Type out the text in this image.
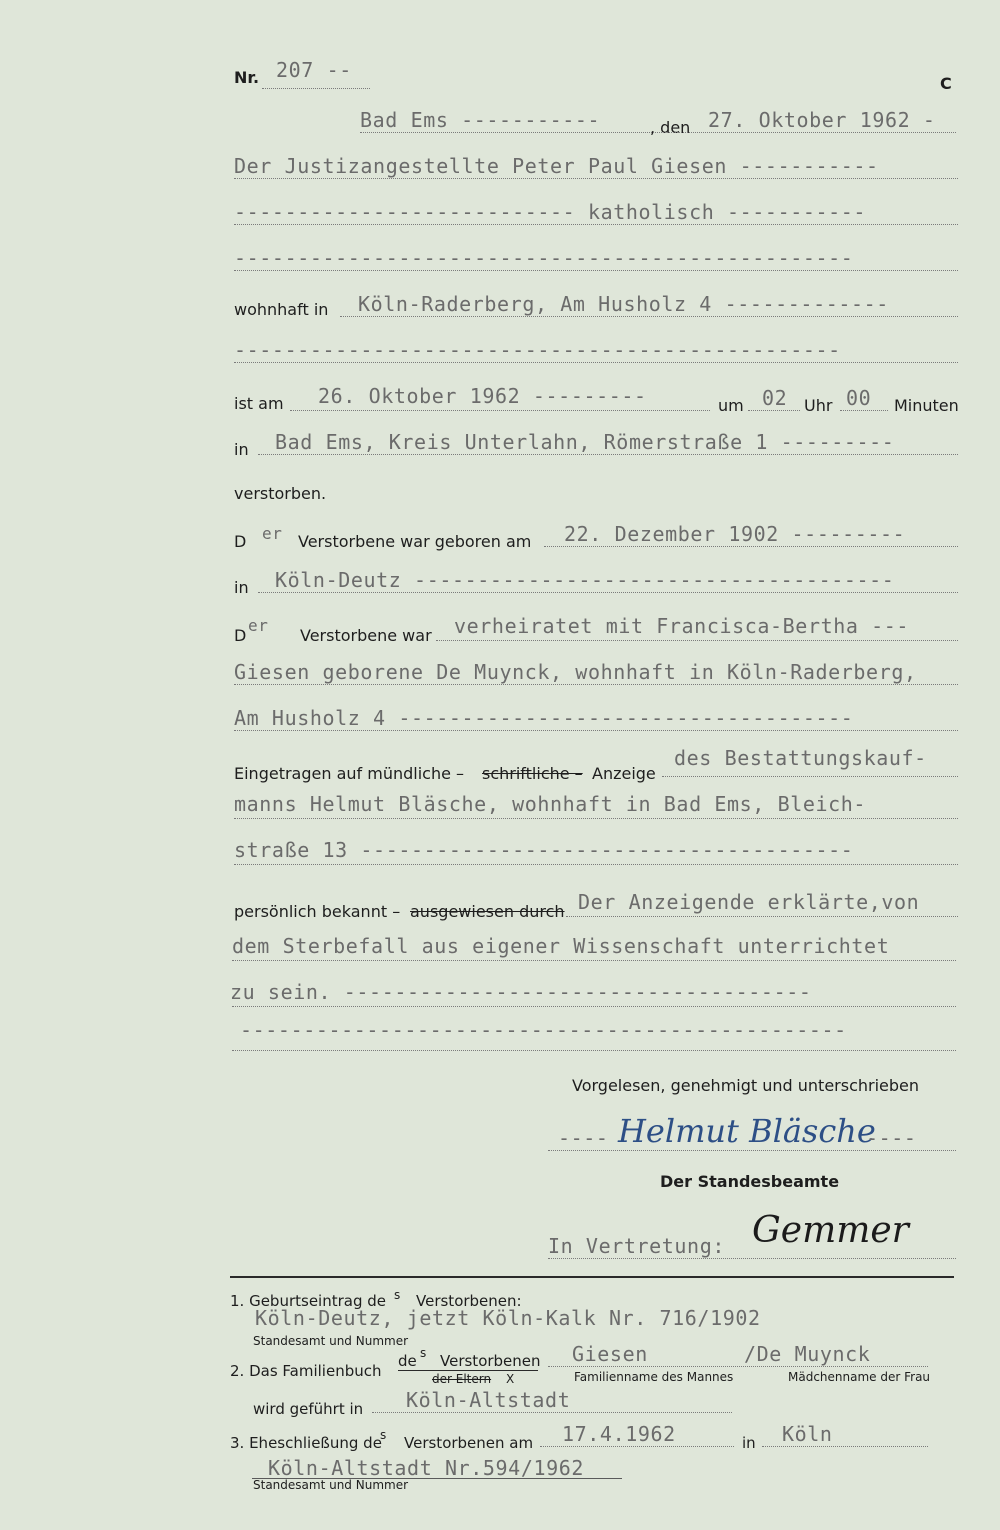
Nr. 207 --
C
Bad Ems -----------	, den 27. Oktober 1962 -
Der Justizangestellte Peter Paul Giesen -----------
--------------------------- katholisch -----------
-------------------------------------------------
wohnhaft in Köln-Raderberg, Am Husholz 4 -------------
------------------------------------------------
ist am 26. Oktober 1962 ---------	um 02 Uhr 00 Minuten
in Bad Ems, Kreis Unterlahn, Römerstraße 1 ---------
verstorben.
D er Verstorbene war geboren am 22. Dezember 1902 ---------
in Köln-Deutz --------------------------------------
D
er
Verstorbene war verheiratet mit Francisca-Bertha ---
Giesen geborene De Muynck, wohnhaft in Köln-Raderberg,
Am Husholz 4 ------------------------------------
Eingetragen auf mündliche – schriftliche – Anzeige
des Bestattungskauf-
manns Helmut Bläsche, wohnhaft in Bad Ems, Bleich-
straße 13 ---------------------------------------
persönlich bekannt – ausgewiesen durch Der Anzeigende erklärte,von
dem Sterbefall aus eigener Wissenschaft unterrichtet
zu sein. -------------------------------------
------------------------------------------------
Vorgelesen, genehmigt und unterschrieben
---- Helmut Bläsche
----
Der Standesbeamte
In Vertretung: Gemmer
1. Geburtseintrag de s Verstorbenen:
Köln-Deutz, jetzt Köln-Kalk Nr. 716/1902
Standesamt und Nummer
2. Das Familienbuch
de s Verstorbenen
der Eltern X
Giesen	/De Muynck
Familienname des Mannes	Mädchenname der Frau
wird geführt in Köln-Altstadt
3. Eheschließung de
s Verstorbenen am 17.4.1962	in Köln
Köln-Altstadt Nr.594/1962
Standesamt und Nummer
